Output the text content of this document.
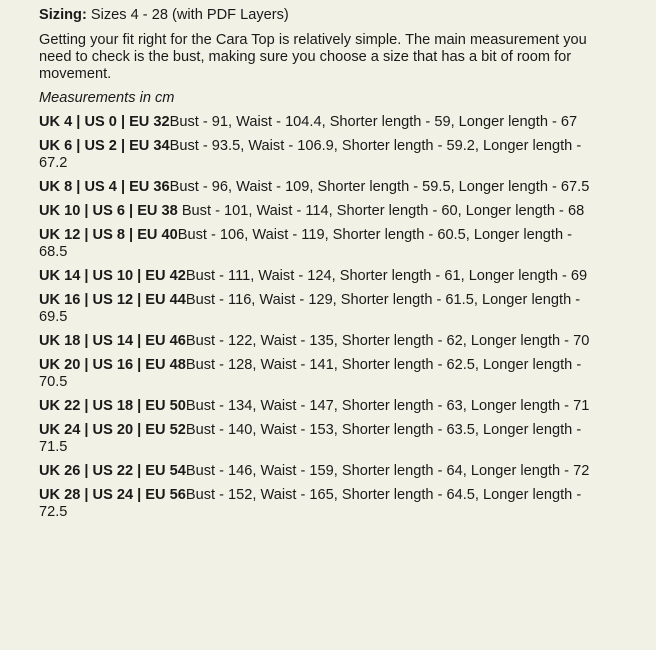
Sizing: Sizes 4 - 28 (with PDF Layers)
Getting your fit right for the Cara Top is relatively simple. The main measurement you need to check is the bust, making sure you choose a size that has a bit of room for movement.
Measurements in cm
UK 4 | US 0 | EU 32Bust - 91, Waist - 104.4, Shorter length - 59, Longer length - 67
UK 6 | US 2 | EU 34Bust - 93.5, Waist - 106.9, Shorter length - 59.2, Longer length - 67.2
UK 8 | US 4 | EU 36Bust - 96, Waist - 109, Shorter length - 59.5, Longer length - 67.5
UK 10 | US 6 | EU 38 Bust - 101, Waist - 114, Shorter length - 60, Longer length - 68
UK 12 | US 8 | EU 40Bust - 106, Waist - 119, Shorter length - 60.5, Longer length - 68.5
UK 14 | US 10 | EU 42Bust - 111, Waist - 124, Shorter length - 61, Longer length - 69
UK 16 | US 12 | EU 44Bust - 116, Waist - 129, Shorter length - 61.5, Longer length - 69.5
UK 18 | US 14 | EU 46Bust - 122, Waist - 135, Shorter length - 62, Longer length - 70
UK 20 | US 16 | EU 48Bust - 128, Waist - 141, Shorter length - 62.5, Longer length - 70.5
UK 22 | US 18 | EU 50Bust - 134, Waist - 147, Shorter length - 63, Longer length - 71
UK 24 | US 20 | EU 52Bust - 140, Waist - 153, Shorter length - 63.5, Longer length - 71.5
UK 26 | US 22 | EU 54Bust - 146, Waist - 159, Shorter length - 64, Longer length - 72
UK 28 | US 24 | EU 56Bust - 152, Waist - 165, Shorter length - 64.5, Longer length - 72.5
